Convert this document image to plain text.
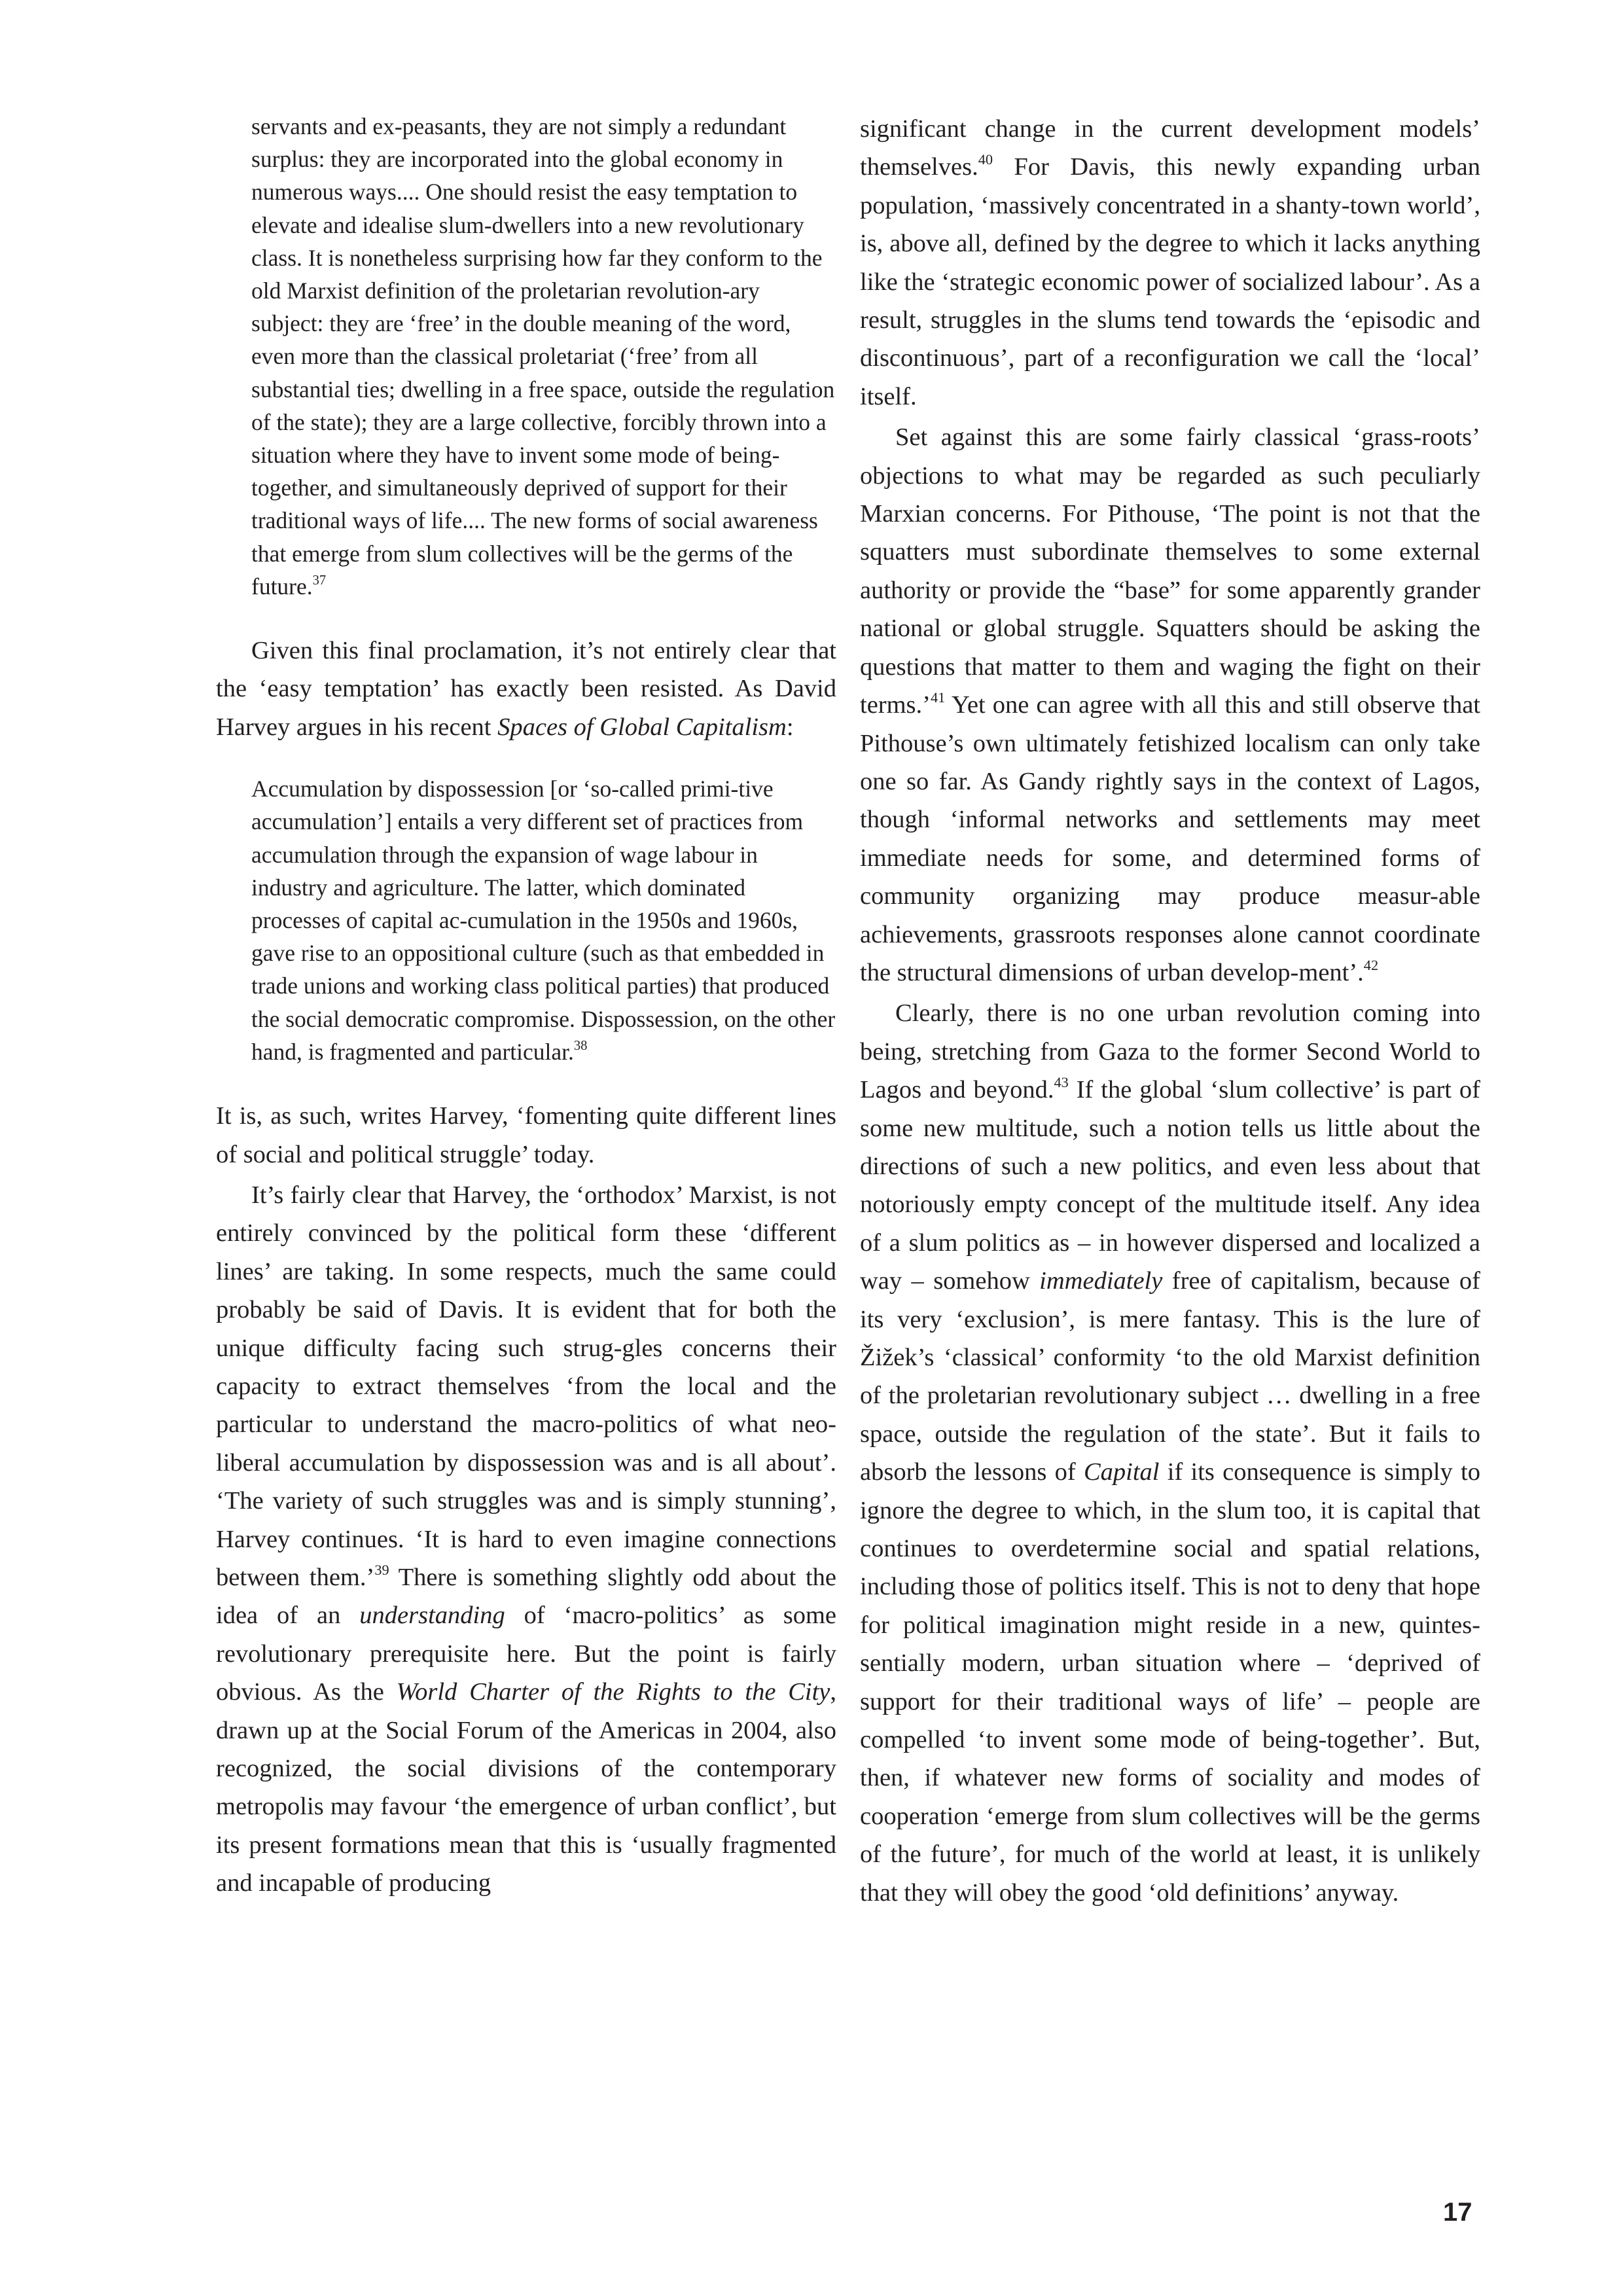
servants and ex-peasants, they are not simply a redundant surplus: they are incorporated into the global economy in numerous ways.... One should resist the easy temptation to elevate and idealise slum-dwellers into a new revolutionary class. It is nonetheless surprising how far they conform to the old Marxist definition of the proletarian revolution-ary subject: they are ‘free’ in the double meaning of the word, even more than the classical proletariat (‘free’ from all substantial ties; dwelling in a free space, outside the regulation of the state); they are a large collective, forcibly thrown into a situation where they have to invent some mode of being-together, and simultaneously deprived of support for their traditional ways of life.... The new forms of social awareness that emerge from slum collectives will be the germs of the future.$^{37}$

Given this final proclamation, it’s not entirely clear that the ‘easy temptation’ has exactly been resisted. As David Harvey argues in his recent Spaces of Global Capitalism:

Accumulation by dispossession [or ‘so-called primi-tive accumulation’] entails a very different set of practices from accumulation through the expansion of wage labour in industry and agriculture. The latter, which dominated processes of capital ac-cumulation in the 1950s and 1960s, gave rise to an oppositional culture (such as that embedded in trade unions and working class political parties) that produced the social democratic compromise. Dispossession, on the other hand, is fragmented and particular.$^{38}$

It is, as such, writes Harvey, ‘fomenting quite different lines of social and political struggle’ today.

It’s fairly clear that Harvey, the ‘orthodox’ Marxist, is not entirely convinced by the political form these ‘different lines’ are taking. In some respects, much the same could probably be said of Davis. It is evident that for both the unique difficulty facing such strug-gles concerns their capacity to extract themselves ‘from the local and the particular to understand the macro-politics of what neo-liberal accumulation by dispossession was and is all about’. ‘The variety of such struggles was and is simply stunning’, Harvey continues. ‘It is hard to even imagine connections between them.’$^{39}$ There is something slightly odd about the idea of an understanding of ‘macro-politics’ as some revolutionary prerequisite here. But the point is fairly obvious. As the World Charter of the Rights to the City, drawn up at the Social Forum of the Americas in 2004, also recognized, the social divisions of the contemporary metropolis may favour ‘the emergence of urban conflict’, but its present formations mean that this is ‘usually fragmented and incapable of producing

significant change in the current development models’ themselves.$^{40}$ For Davis, this newly expanding urban population, ‘massively concentrated in a shanty-town world’, is, above all, defined by the degree to which it lacks anything like the ‘strategic economic power of socialized labour’. As a result, struggles in the slums tend towards the ‘episodic and discontinuous’, part of a reconfiguration we call the ‘local’ itself.

Set against this are some fairly classical ‘grass-roots’ objections to what may be regarded as such peculiarly Marxian concerns. For Pithouse, ‘The point is not that the squatters must subordinate themselves to some external authority or provide the “base” for some apparently grander national or global struggle. Squatters should be asking the questions that matter to them and waging the fight on their terms.’$^{41}$ Yet one can agree with all this and still observe that Pithouse’s own ultimately fetishized localism can only take one so far. As Gandy rightly says in the context of Lagos, though ‘informal networks and settlements may meet immediate needs for some, and determined forms of community organizing may produce measur-able achievements, grassroots responses alone cannot coordinate the structural dimensions of urban develop-ment’.$^{42}$

Clearly, there is no one urban revolution coming into being, stretching from Gaza to the former Second World to Lagos and beyond.$^{43}$ If the global ‘slum collective’ is part of some new multitude, such a notion tells us little about the directions of such a new politics, and even less about that notoriously empty concept of the multitude itself. Any idea of a slum politics as – in however dispersed and localized a way – somehow immediately free of capitalism, because of its very ‘exclusion’, is mere fantasy. This is the lure of Žižek’s ‘classical’ conformity ‘to the old Marxist definition of the proletarian revolutionary subject … dwelling in a free space, outside the regulation of the state’. But it fails to absorb the lessons of Capital if its consequence is simply to ignore the degree to which, in the slum too, it is capital that continues to overdetermine social and spatial relations, including those of politics itself. This is not to deny that hope for political imagination might reside in a new, quintes-sentially modern, urban situation where – ‘deprived of support for their traditional ways of life’ – people are compelled ‘to invent some mode of being-together’. But, then, if whatever new forms of sociality and modes of cooperation ‘emerge from slum collectives will be the germs of the future’, for much of the world at least, it is unlikely that they will obey the good ‘old definitions’ anyway.

17
